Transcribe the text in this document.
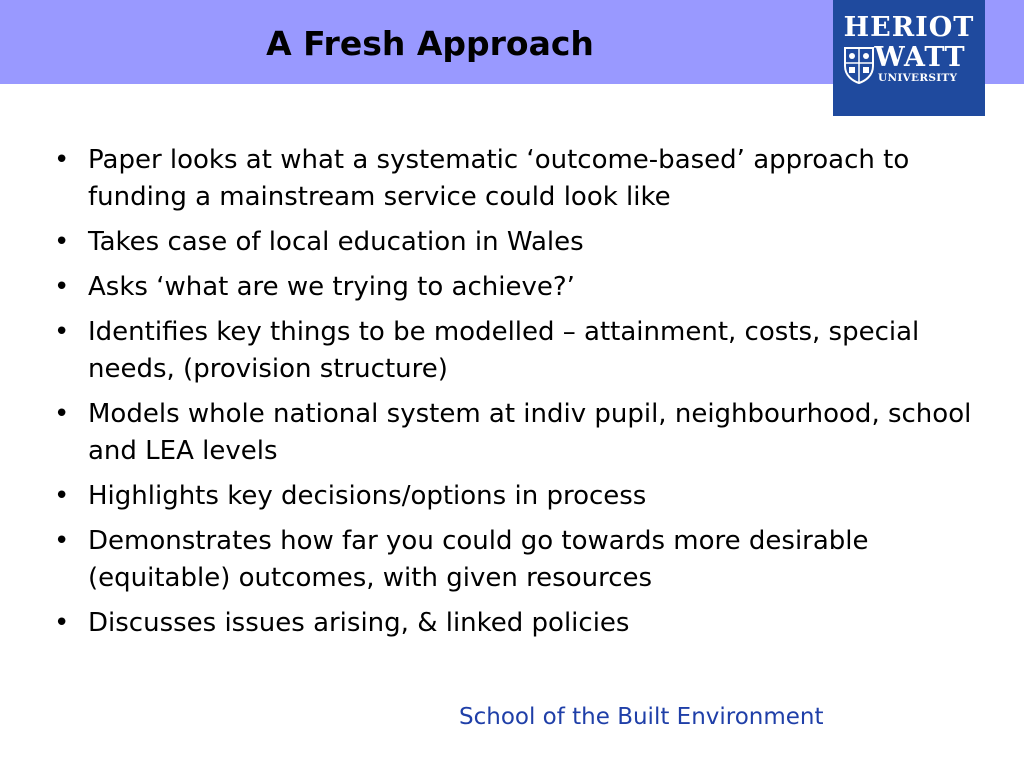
A Fresh Approach	HERIOT
WATT
UNIVERSITY
• Paper looks at what a systematic ‘outcome-based’ approach to funding a mainstream service could look like
• Takes case of local education in Wales
• Asks ‘what are we trying to achieve?’
• Identifies key things to be modelled – attainment, costs, special needs, (provision structure)
• Models whole national system at indiv pupil, neighbourhood, school and LEA levels
• Highlights key decisions/options in process
• Demonstrates how far you could go towards more desirable (equitable) outcomes, with given resources
• Discusses issues arising, & linked policies
School of the Built Environment
